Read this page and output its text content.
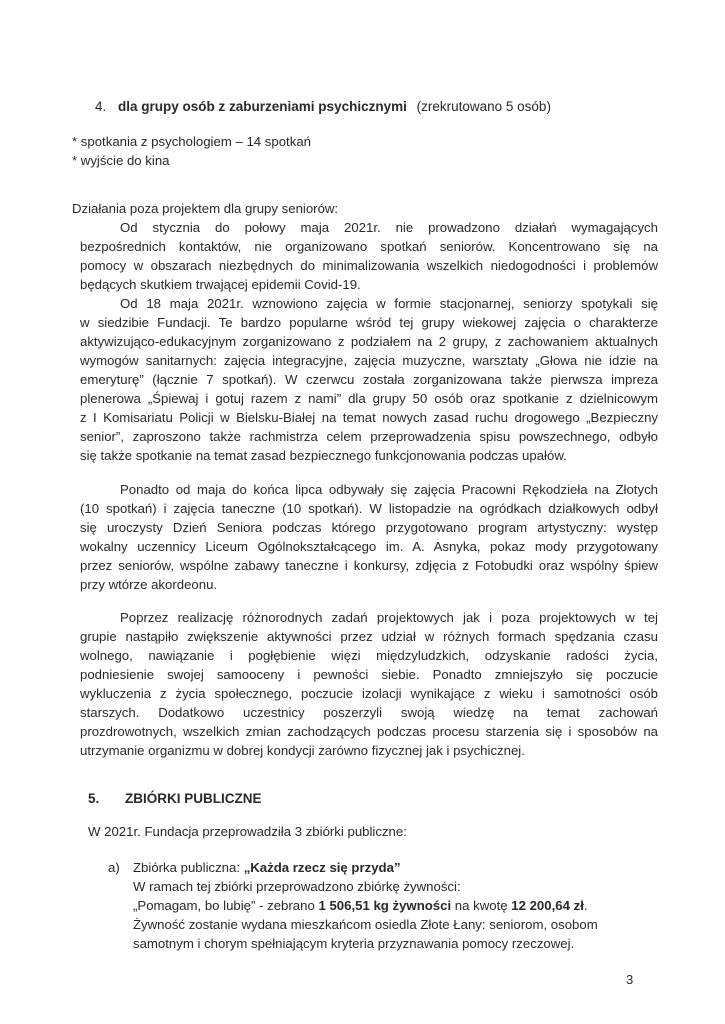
4. dla grupy osób z zaburzeniami psychicznymi (zrekrutowano 5 osób)
* spotkania z psychologiem – 14 spotkań
* wyjście do kina
Działania poza projektem dla grupy seniorów:
Od stycznia do połowy maja 2021r. nie prowadzono działań wymagających
bezpośrednich kontaktów, nie organizowano spotkań seniorów. Koncentrowano się na
pomocy w obszarach niezbędnych do minimalizowania wszelkich niedogodności i problemów
będących skutkiem trwającej epidemii Covid-19.
Od 18 maja 2021r. wznowiono zajęcia w formie stacjonarnej, seniorzy spotykali się
w siedzibie Fundacji. Te bardzo popularne wśród tej grupy wiekowej zajęcia o charakterze
aktywizująco-edukacyjnym zorganizowano z podziałem na 2 grupy, z zachowaniem aktualnych
wymogów sanitarnych: zajęcia integracyjne, zajęcia muzyczne, warsztaty „Głowa nie idzie na
emeryturę” (łącznie 7 spotkań). W czerwcu została zorganizowana także pierwsza impreza
plenerowa „Śpiewaj i gotuj razem z nami” dla grupy 50 osób oraz spotkanie z dzielnicowym
z I Komisariatu Policji w Bielsku-Białej na temat nowych zasad ruchu drogowego „Bezpieczny
senior”, zaproszono także rachmistrza celem przeprowadzenia spisu powszechnego, odbyło
się także spotkanie na temat zasad bezpiecznego funkcjonowania podczas upałów.
Ponadto od maja do końca lipca odbywały się zajęcia Pracowni Rękodzieła na Złotych
(10 spotkań) i zajęcia taneczne (10 spotkań). W listopadzie na ogródkach działkowych odbył
się uroczysty Dzień Seniora podczas którego przygotowano program artystyczny: występ
wokalny uczennicy Liceum Ogólnokształcącego im. A. Asnyka, pokaz mody przygotowany
przez seniorów, wspólne zabawy taneczne i konkursy, zdjęcia z Fotobudki oraz wspólny śpiew
przy wtórze akordeonu.
Poprzez realizację różnorodnych zadań projektowych jak i poza projektowych w tej
grupie nastąpiło zwiększenie aktywności przez udział w różnych formach spędzania czasu
wolnego, nawiązanie i pogłębienie więzi międzyludzkich, odzyskanie radości życia,
podniesienie swojej samooceny i pewności siebie. Ponadto zmniejszyło się poczucie
wykluczenia z życia społecznego, poczucie izolacji wynikające z wieku i samotności osób
starszych. Dodatkowo uczestnicy poszerzyli swoją wiedzę na temat zachowań
prozdrowotnych, wszelkich zmian zachodzących podczas procesu starzenia się i sposobów na
utrzymanie organizmu w dobrej kondycji zarówno fizycznej jak i psychicznej.
5. ZBIÓRKI PUBLICZNE
W 2021r. Fundacja przeprowadziła 3 zbiórki publiczne:
a) Zbiórka publiczna: „Każda rzecz się przyda”
W ramach tej zbiórki przeprowadzono zbiórkę żywności:
„Pomagam, bo lubię” - zebrano 1 506,51 kg żywności na kwotę 12 200,64 zł.
Żywność zostanie wydana mieszkańcom osiedla Złote Łany: seniorom, osobom
samotnym i chorym spełniającym kryteria przyznawania pomocy rzeczowej.
3
